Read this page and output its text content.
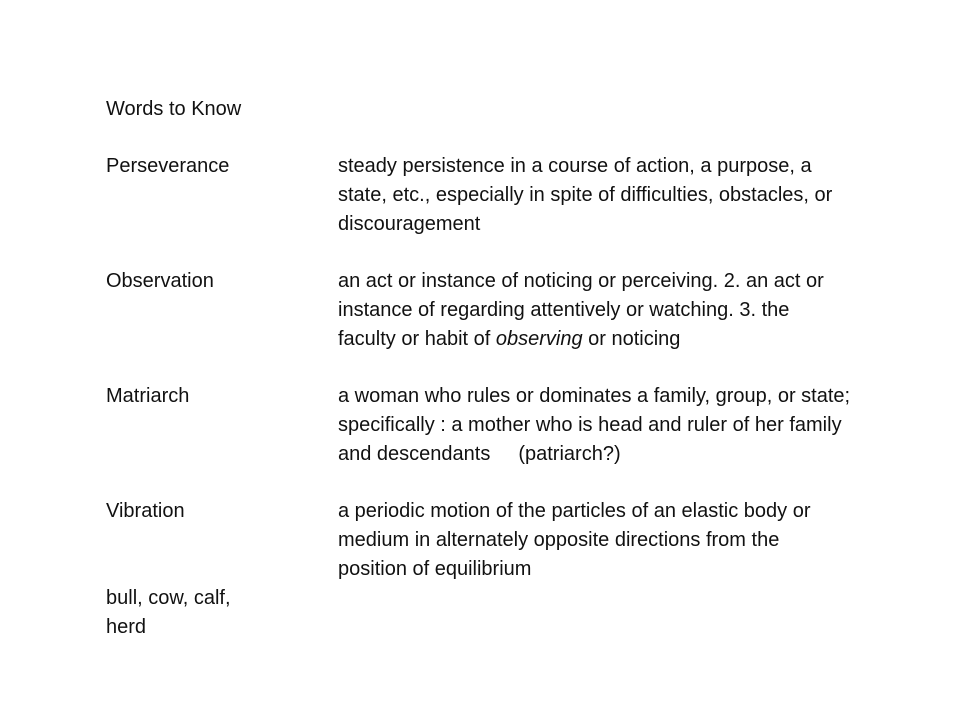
Words to Know
Perseverance	steady persistence in a course of action, a purpose, a
state, etc., especially in spite of difficulties, obstacles, or
discouragement
Observation	an act or instance of noticing or perceiving. 2. an act or
instance of regarding attentively or watching. 3. the
faculty or habit of observing or noticing
Matriarch	a woman who rules or dominates a family, group, or state;
specifically : a mother who is head and ruler of her family
and descendants (patriarch?)
Vibration	a periodic motion of the particles of an elastic body or
medium in alternately opposite directions from the
position of equilibrium
bull, cow, calf,
herd
